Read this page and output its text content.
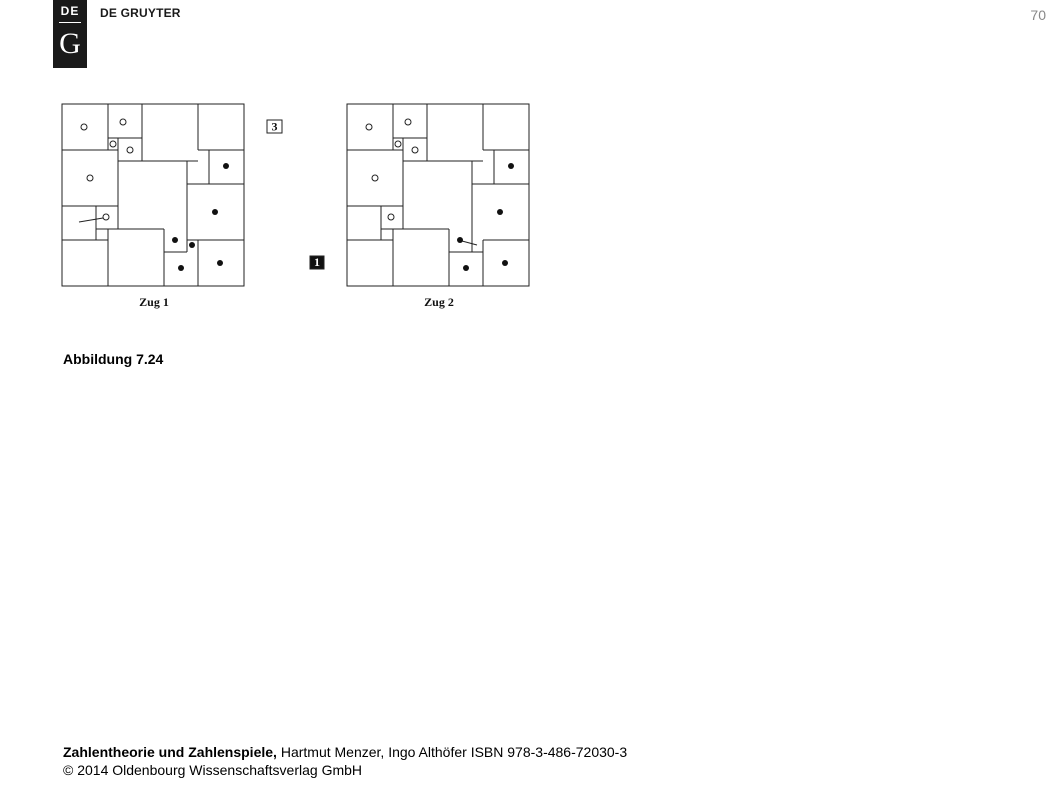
DE
G
DE GRUYTER	70
3
1
Zug 1	Zug 2
Abbildung 7.24
Zahlentheorie und Zahlenspiele, Hartmut Menzer, Ingo Althöfer ISBN 978-3-486-72030-3
© 2014 Oldenbourg Wissenschaftsverlag GmbH
